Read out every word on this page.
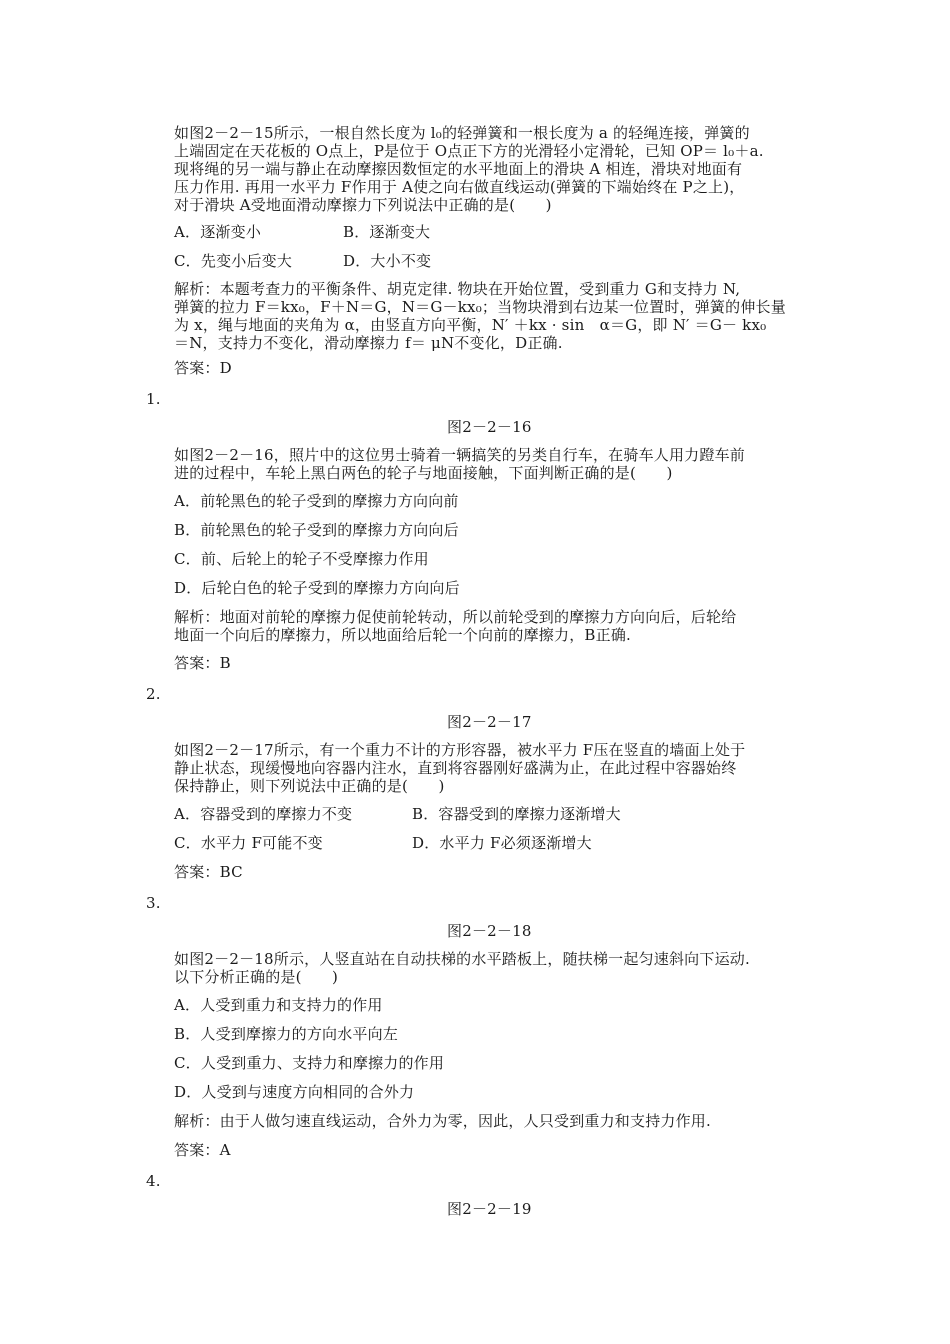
如图2－2－15所示，一根自然长度为 l₀的轻弹簧和一根长度为 a 的轻绳连接，弹簧的
上端固定在天花板的 O点上，P是位于 O点正下方的光滑轻小定滑轮，已知 OP＝ l₀＋a.
现将绳的另一端与静止在动摩擦因数恒定的水平地面上的滑块 A 相连，滑块对地面有
压力作用. 再用一水平力 F作用于 A使之向右做直线运动(弹簧的下端始终在 P之上)，
对于滑块 A受地面滑动摩擦力下列说法中正确的是(　　)
A．逐渐变小	B．逐渐变大
C．先变小后变大	D．大小不变
解析：本题考查力的平衡条件、胡克定律. 物块在开始位置，受到重力 G和支持力 N,
弹簧的拉力 F＝kx₀，F＋N＝G，N＝G－kx₀；当物块滑到右边某一位置时，弹簧的伸长量
为 x，绳与地面的夹角为 α，由竖直方向平衡，N′ ＋kx · sin　α＝G，即 N′ ＝G－ kx₀
＝N，支持力不变化，滑动摩擦力 f＝ μN不变化，D正确.
答案：D
1.
图2－2－16
如图2－2－16，照片中的这位男士骑着一辆搞笑的另类自行车，在骑车人用力蹬车前
进的过程中，车轮上黑白两色的轮子与地面接触，下面判断正确的是(　　)
A．前轮黑色的轮子受到的摩擦力方向向前
B．前轮黑色的轮子受到的摩擦力方向向后
C．前、后轮上的轮子不受摩擦力作用
D．后轮白色的轮子受到的摩擦力方向向后
解析：地面对前轮的摩擦力促使前轮转动，所以前轮受到的摩擦力方向向后，后轮给
地面一个向后的摩擦力，所以地面给后轮一个向前的摩擦力，B正确.
答案：B
2.
图2－2－17
如图2－2－17所示，有一个重力不计的方形容器，被水平力 F压在竖直的墙面上处于
静止状态，现缓慢地向容器内注水，直到将容器刚好盛满为止，在此过程中容器始终
保持静止，则下列说法中正确的是(　　)
A．容器受到的摩擦力不变	B．容器受到的摩擦力逐渐增大
C．水平力 F可能不变	D．水平力 F必须逐渐增大
答案：BC
3.
图2－2－18
如图2－2－18所示，人竖直站在自动扶梯的水平踏板上，随扶梯一起匀速斜向下运动.
以下分析正确的是(　　)
A．人受到重力和支持力的作用
B．人受到摩擦力的方向水平向左
C．人受到重力、支持力和摩擦力的作用
D．人受到与速度方向相同的合外力
解析：由于人做匀速直线运动，合外力为零，因此，人只受到重力和支持力作用.
答案：A
4.
图2－2－19
